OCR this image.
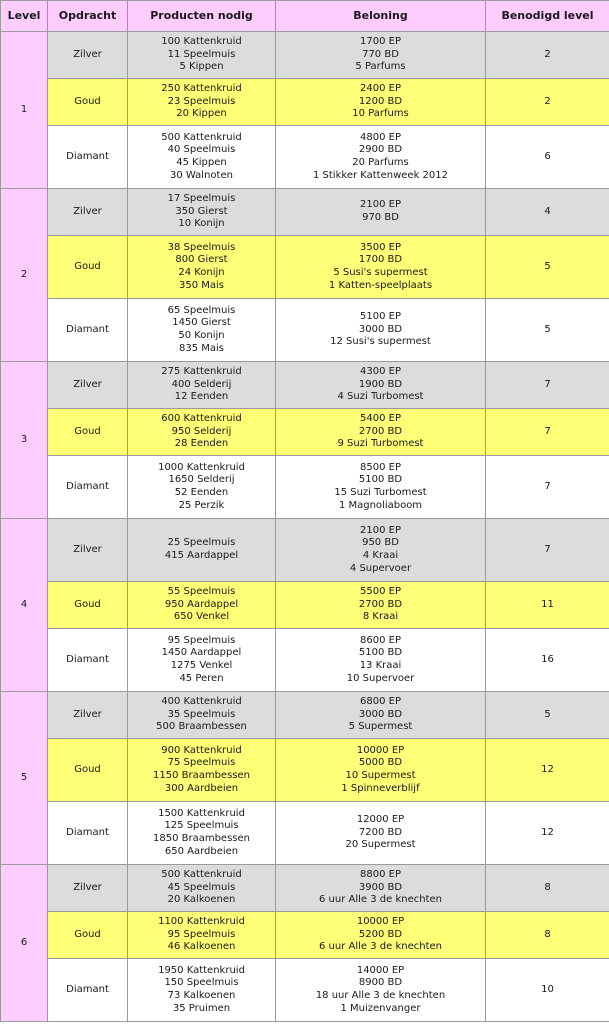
Level	Opdracht	Producten nodig	Beloning	Benodigd level
1	Zilver	100 Kattenkruid
11 Speelmuis
5 Kippen	1700 EP
770 BD
5 Parfums	2
	Goud	250 Kattenkruid
23 Speelmuis
20 Kippen	2400 EP
1200 BD
10 Parfums	2
	Diamant	500 Kattenkruid
40 Speelmuis
45 Kippen
30 Walnoten	4800 EP
2900 BD
20 Parfums
1 Stikker Kattenweek 2012	6
2	Zilver	17 Speelmuis
350 Gierst
10 Konijn	2100 EP
970 BD	4
	Goud	38 Speelmuis
800 Gierst
24 Konijn
350 Mais	3500 EP
1700 BD
5 Susi's supermest
1 Katten-speelplaats	5
	Diamant	65 Speelmuis
1450 Gierst
50 Konijn
835 Mais	5100 EP
3000 BD
12 Susi's supermest	5
3	Zilver	275 Kattenkruid
400 Selderij
12 Eenden	4300 EP
1900 BD
4 Suzi Turbomest	7
	Goud	600 Kattenkruid
950 Selderij
28 Eenden	5400 EP
2700 BD
9 Suzi Turbomest	7
	Diamant	1000 Kattenkruid
1650 Selderij
52 Eenden
25 Perzik	8500 EP
5100 BD
15 Suzi Turbomest
1 Magnoliaboom	7
4	Zilver	25 Speelmuis
415 Aardappel	2100 EP
950 BD
4 Kraai
4 Supervoer	7
	Goud	55 Speelmuis
950 Aardappel
650 Venkel	5500 EP
2700 BD
8 Kraai	11
	Diamant	95 Speelmuis
1450 Aardappel
1275 Venkel
45 Peren	8600 EP
5100 BD
13 Kraai
10 Supervoer	16
5	Zilver	400 Kattenkruid
35 Speelmuis
500 Braambessen	6800 EP
3000 BD
5 Supermest	5
	Goud	900 Kattenkruid
75 Speelmuis
1150 Braambessen
300 Aardbeien	10000 EP
5000 BD
10 Supermest
1 Spinneverblijf	12
	Diamant	1500 Kattenkruid
125 Speelmuis
1850 Braambessen
650 Aardbeien	12000 EP
7200 BD
20 Supermest	12
6	Zilver	500 Kattenkruid
45 Speelmuis
20 Kalkoenen	8800 EP
3900 BD
6 uur Alle 3 de knechten	8
	Goud	1100 Kattenkruid
95 Speelmuis
46 Kalkoenen	10000 EP
5200 BD
6 uur Alle 3 de knechten	8
	Diamant	1950 Kattenkruid
150 Speelmuis
73 Kalkoenen
35 Pruimen	14000 EP
8900 BD
18 uur Alle 3 de knechten
1 Muizenvanger	10
